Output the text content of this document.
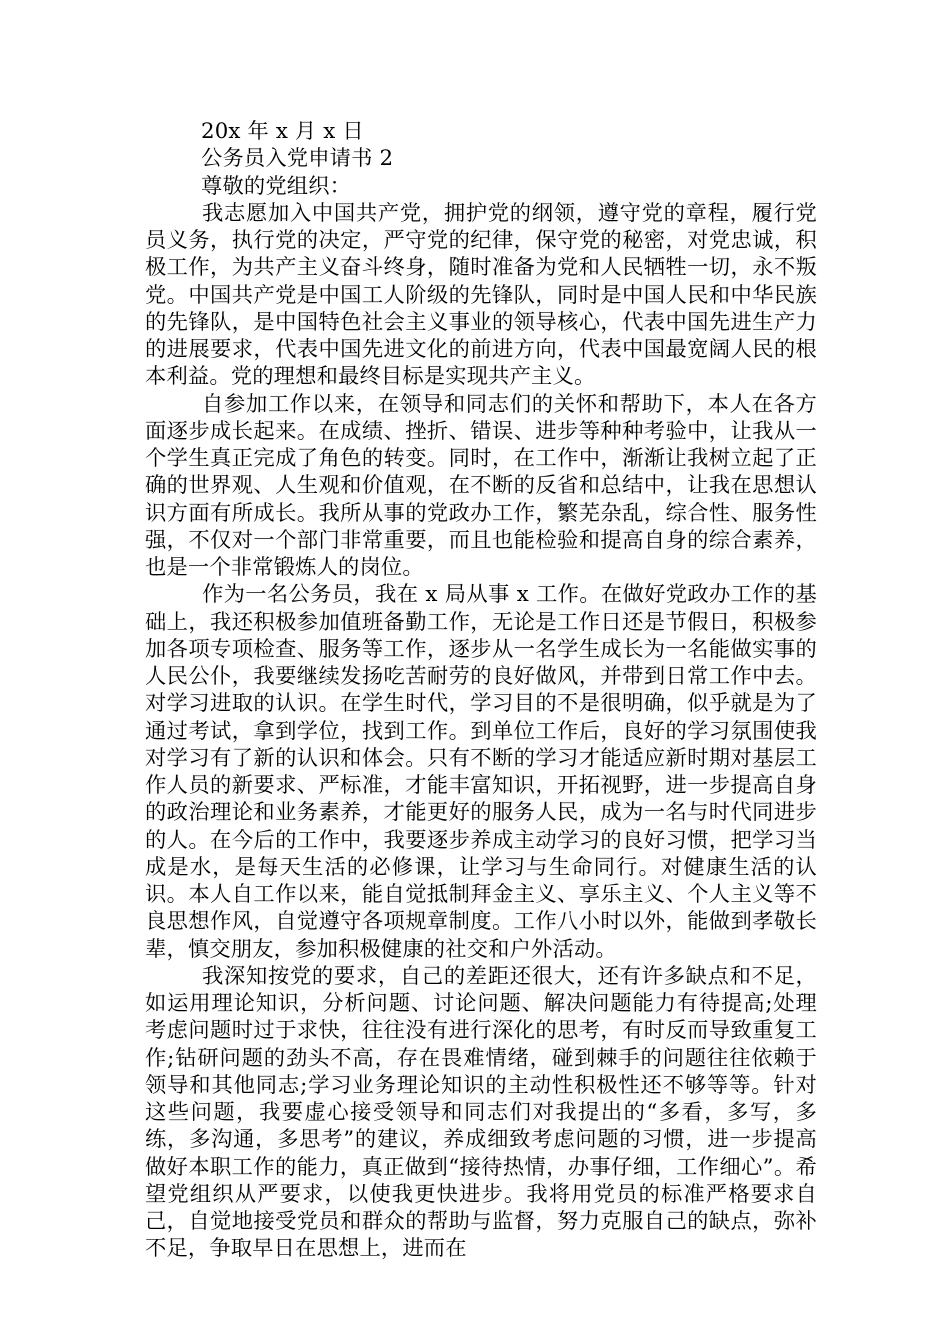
20x 年 x 月 x 日
公务员入党申请书 2
尊敬的党组织：

我志愿加入中国共产党，拥护党的纲领，遵守党的章程，履行党员义务，执行党的决定，严守党的纪律，保守党的秘密，对党忠诚，积极工作，为共产主义奋斗终身，随时准备为党和人民牺牲一切，永不叛党。中国共产党是中国工人阶级的先锋队，同时是中国人民和中华民族的先锋队，是中国特色社会主义事业的领导核心，代表中国先进生产力的进展要求，代表中国先进文化的前进方向，代表中国最宽阔人民的根本利益。党的理想和最终目标是实现共产主义。

自参加工作以来，在领导和同志们的关怀和帮助下，本人在各方面逐步成长起来。在成绩、挫折、错误、进步等种种考验中，让我从一个学生真正完成了角色的转变。同时，在工作中，渐渐让我树立起了正确的世界观、人生观和价值观，在不断的反省和总结中，让我在思想认识方面有所成长。我所从事的党政办工作，繁芜杂乱，综合性、服务性强，不仅对一个部门非常重要，而且也能检验和提高自身的综合素养，也是一个非常锻炼人的岗位。

作为一名公务员，我在 x 局从事 x 工作。在做好党政办工作的基础上，我还积极参加值班备勤工作，无论是工作日还是节假日，积极参加各项专项检查、服务等工作，逐步从一名学生成长为一名能做实事的人民公仆，我要继续发扬吃苦耐劳的良好做风，并带到日常工作中去。对学习进取的认识。在学生时代，学习目的不是很明确，似乎就是为了通过考试，拿到学位，找到工作。到单位工作后，良好的学习氛围使我对学习有了新的认识和体会。只有不断的学习才能适应新时期对基层工作人员的新要求、严标准，才能丰富知识，开拓视野，进一步提高自身的政治理论和业务素养，才能更好的服务人民，成为一名与时代同进步的人。在今后的工作中，我要逐步养成主动学习的良好习惯，把学习当成是水，是每天生活的必修课，让学习与生命同行。对健康生活的认识。本人自工作以来，能自觉抵制拜金主义、享乐主义、个人主义等不良思想作风，自觉遵守各项规章制度。工作八小时以外，能做到孝敬长辈，慎交朋友，参加积极健康的社交和户外活动。

我深知按党的要求，自己的差距还很大，还有许多缺点和不足，如运用理论知识，分析问题、讨论问题、解决问题能力有待提高;处理考虑问题时过于求快，往往没有进行深化的思考，有时反而导致重复工作;钻研问题的劲头不高，存在畏难情绪，碰到棘手的问题往往依赖于领导和其他同志;学习业务理论知识的主动性积极性还不够等等。针对这些问题，我要虚心接受领导和同志们对我提出的“多看，多写，多练，多沟通，多思考”的建议，养成细致考虑问题的习惯，进一步提高做好本职工作的能力，真正做到“接待热情，办事仔细，工作细心”。希望党组织从严要求，以使我更快进步。我将用党员的标准严格要求自己，自觉地接受党员和群众的帮助与监督，努力克服自己的缺点，弥补不足，争取早日在思想上，进而在
